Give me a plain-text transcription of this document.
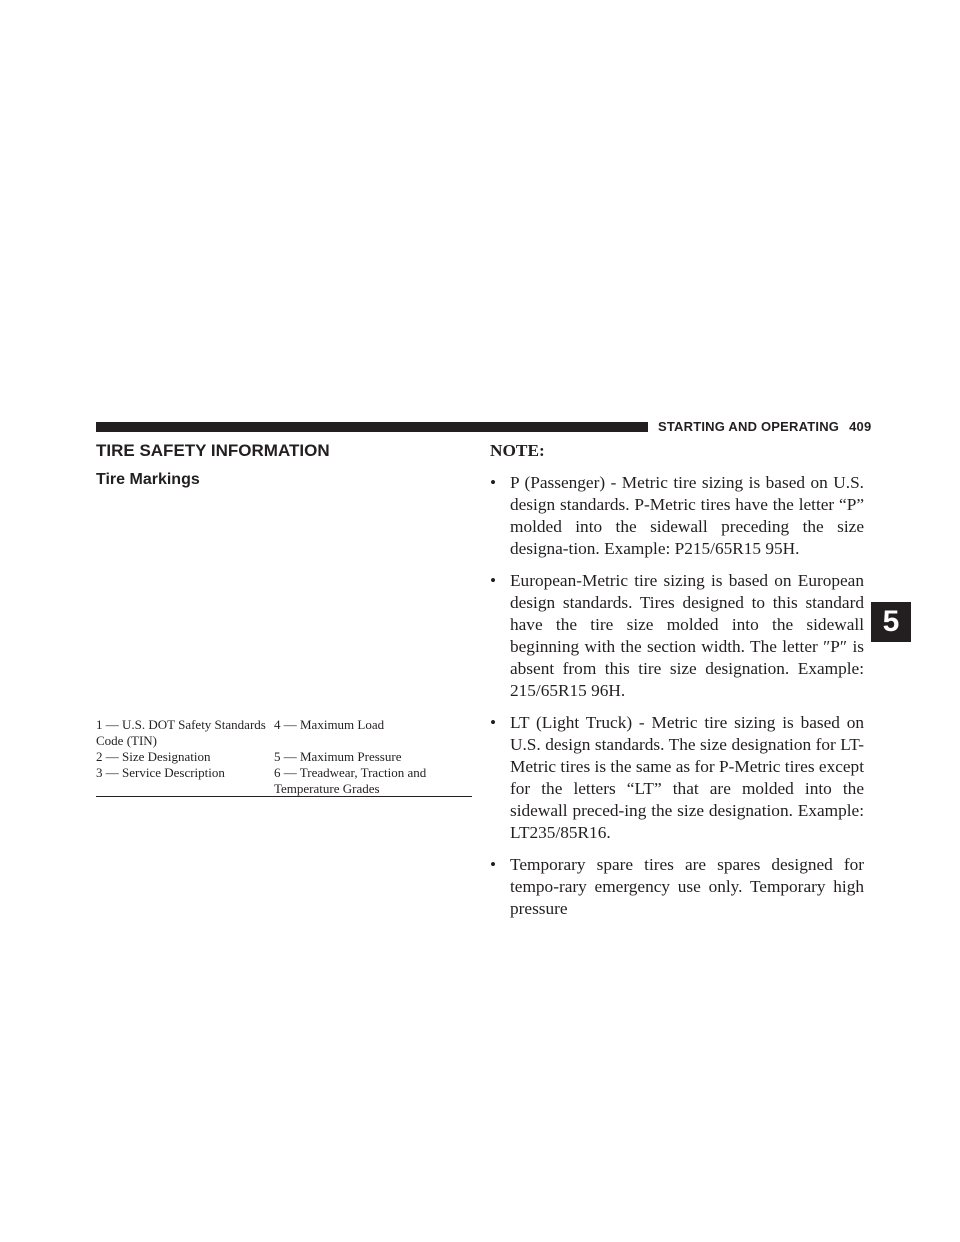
STARTING AND OPERATING 409
5
TIRE SAFETY INFORMATION
Tire Markings
1 — U.S. DOT Safety Standards Code (TIN)
4 — Maximum Load
2 — Size Designation	5 — Maximum Pressure
3 — Service Description	6 — Treadwear, Traction and Temperature Grades
NOTE:
• P (Passenger) - Metric tire sizing is based on U.S. design standards. P-Metric tires have the letter “P” molded into the sidewall preceding the size designa-tion. Example: P215/65R15 95H.
• European-Metric tire sizing is based on European design standards. Tires designed to this standard have the tire size molded into the sidewall beginning with the section width. The letter ″P″ is absent from this tire size designation. Example: 215/65R15 96H.
• LT (Light Truck) - Metric tire sizing is based on U.S. design standards. The size designation for LT-Metric tires is the same as for P-Metric tires except for the letters “LT” that are molded into the sidewall preced-ing the size designation. Example: LT235/85R16.
• Temporary spare tires are spares designed for tempo-rary emergency use only. Temporary high pressure
